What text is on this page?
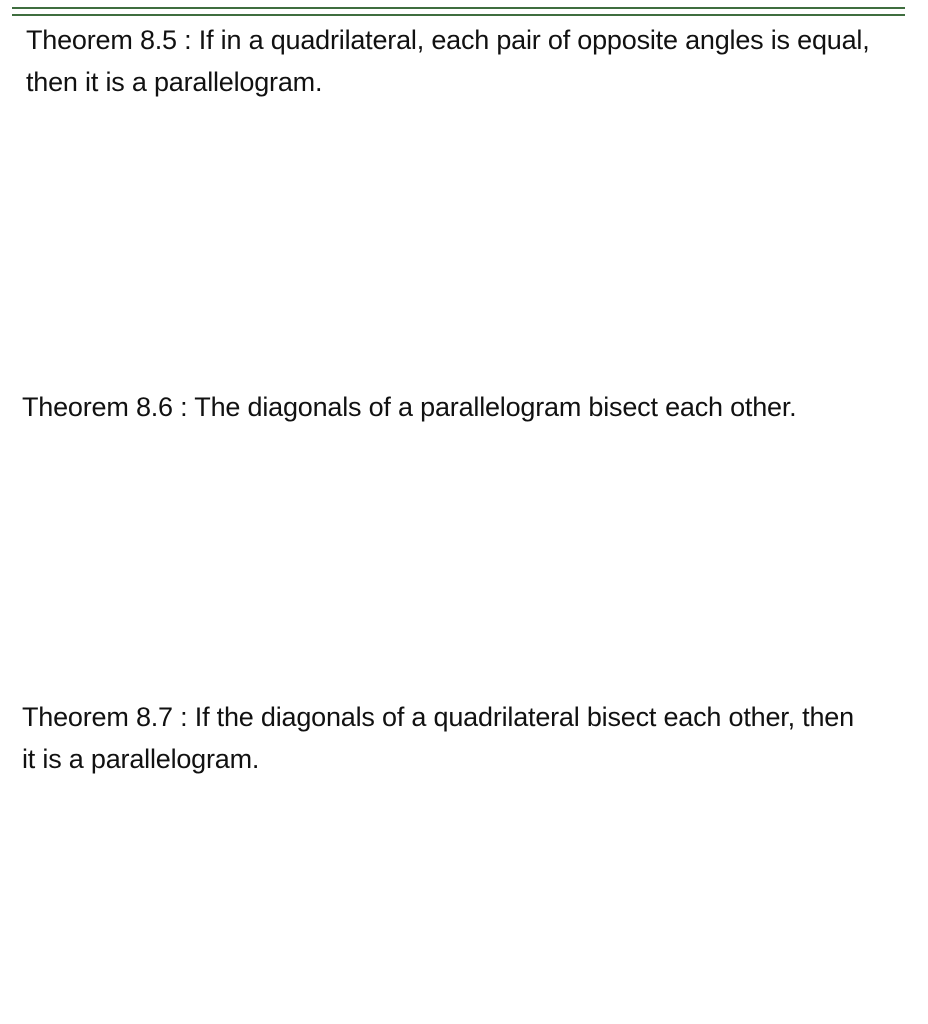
Theorem 8.5 : If in a quadrilateral, each pair of opposite angles is equal,
then it is a parallelogram.

Theorem 8.6 : The diagonals of a parallelogram bisect each other.

Theorem 8.7 : If the diagonals of a quadrilateral bisect each other, then
it is a parallelogram.
